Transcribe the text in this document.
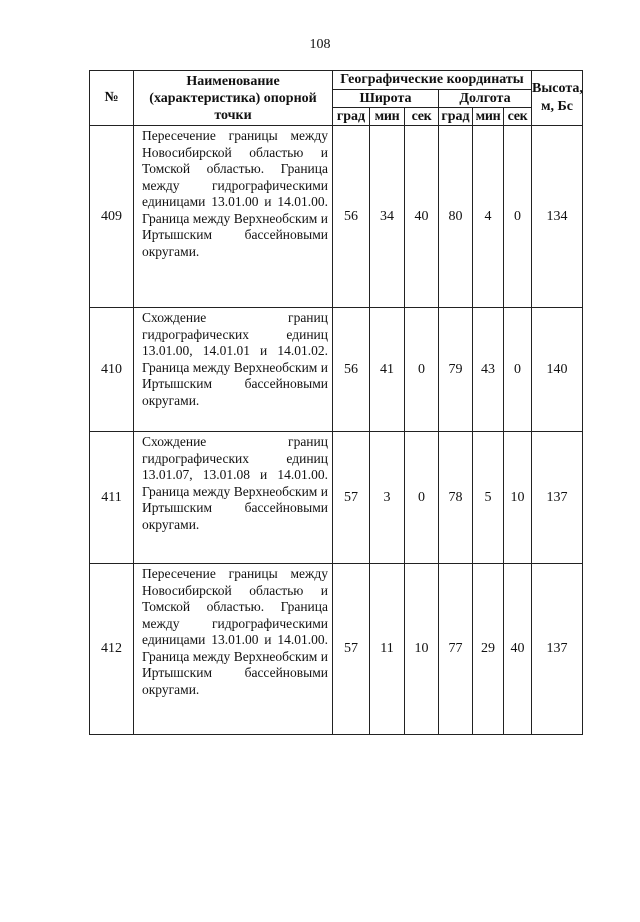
108
№	Наименование (характеристика) опорной точки	Географические координаты						Высота, м, Бс
		Широта			Долгота			
		град	мин	сек	град	мин	сек	
409	Пересечение границы между Новосибирской областью и Томской областью. Граница между гидрографическими единицами 13.01.00 и 14.01.00. Граница между Верхнеобским и Иртышским бассейновыми округами.	56	34	40	80	4	0	134
410	Схождение границ гидрографических единиц 13.01.00, 14.01.01 и 14.01.02. Граница между Верхнеобским и Иртышским бассейновыми округами.	56	41	0	79	43	0	140
411	Схождение границ гидрографических единиц 13.01.07, 13.01.08 и 14.01.00. Граница между Верхнеобским и Иртышским бассейновыми округами.	57	3	0	78	5	10	137
412	Пересечение границы между Новосибирской областью и Томской областью. Граница между гидрографическими единицами 13.01.00 и 14.01.00. Граница между Верхнеобским и Иртышским бассейновыми округами.	57	11	10	77	29	40	137
